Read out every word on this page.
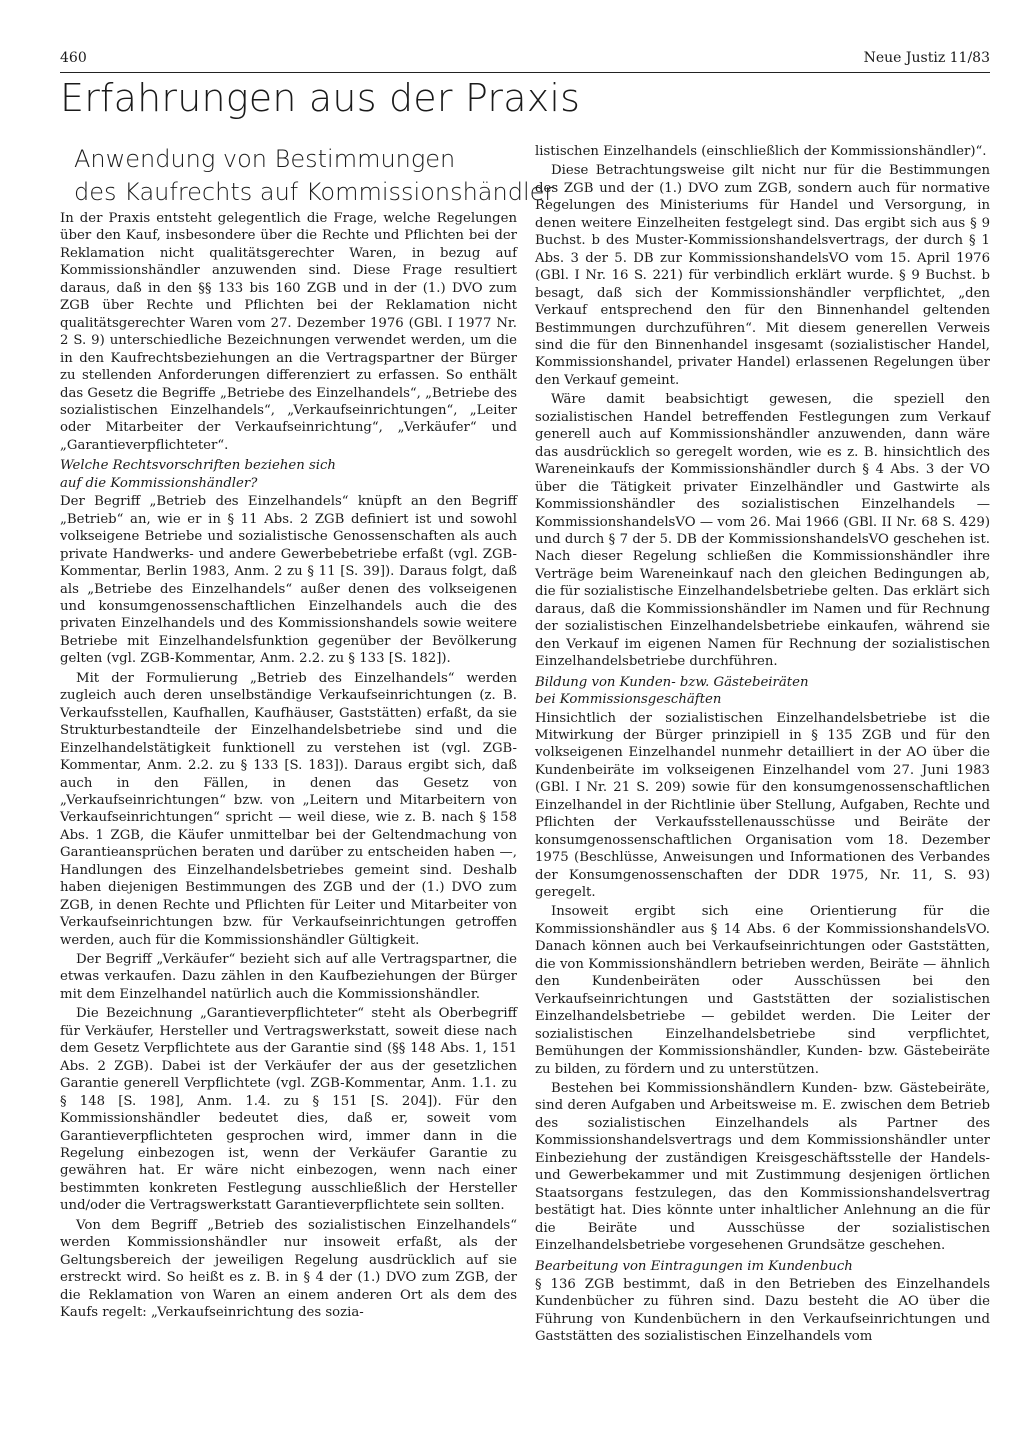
460	Neue Justiz 11/83
Erfahrungen aus der Praxis
Anwendung von Bestimmungen
des Kaufrechts auf Kommissionshändler

In der Praxis entsteht gelegentlich die Frage, welche Regelungen über den Kauf, insbesondere über die Rechte und Pflichten bei der Reklamation nicht qualitätsgerechter Waren, in bezug auf Kommissionshändler anzuwenden sind. Diese Frage resultiert daraus, daß in den §§ 133 bis 160 ZGB und in der (1.) DVO zum ZGB über Rechte und Pflichten bei der Reklamation nicht qualitätsgerechter Waren vom 27. Dezember 1976 (GBl. I 1977 Nr. 2 S. 9) unterschiedliche Bezeichnungen verwendet werden, um die in den Kaufrechtsbeziehungen an die Vertragspartner der Bürger zu stellenden Anforderungen differenziert zu erfassen. So enthält das Gesetz die Begriffe „Betriebe des Einzelhandels“, „Betriebe des sozialistischen Einzelhandels“, „Verkaufseinrichtungen“, „Leiter oder Mitarbeiter der Verkaufseinrichtung“, „Verkäufer“ und „Garantieverpflichteter“.

Welche Rechtsvorschriften beziehen sich
auf die Kommissionshändler?

Der Begriff „Betrieb des Einzelhandels“ knüpft an den Begriff „Betrieb“ an, wie er in § 11 Abs. 2 ZGB definiert ist und sowohl volkseigene Betriebe und sozialistische Genossenschaften als auch private Handwerks- und andere Gewerbebetriebe erfaßt (vgl. ZGB-Kommentar, Berlin 1983, Anm. 2 zu § 11 [S. 39]). Daraus folgt, daß als „Betriebe des Einzelhandels“ außer denen des volkseigenen und konsumgenossenschaftlichen Einzelhandels auch die des privaten Einzelhandels und des Kommissionshandels sowie weitere Betriebe mit Einzelhandelsfunktion gegenüber der Bevölkerung gelten (vgl. ZGB-Kommentar, Anm. 2.2. zu § 133 [S. 182]).

Mit der Formulierung „Betrieb des Einzelhandels“ werden zugleich auch deren unselbständige Verkaufseinrichtungen (z. B. Verkaufsstellen, Kaufhallen, Kaufhäuser, Gaststätten) erfaßt, da sie Strukturbestandteile der Einzelhandelsbetriebe sind und die Einzelhandelstätigkeit funktionell zu verstehen ist (vgl. ZGB-Kommentar, Anm. 2.2. zu § 133 [S. 183]). Daraus ergibt sich, daß auch in den Fällen, in denen das Gesetz von „Verkaufseinrichtungen“ bzw. von „Leitern und Mitarbeitern von Verkaufseinrichtungen“ spricht — weil diese, wie z. B. nach § 158 Abs. 1 ZGB, die Käufer unmittelbar bei der Geltendmachung von Garantieansprüchen beraten und darüber zu entscheiden haben —, Handlungen des Einzelhandelsbetriebes gemeint sind. Deshalb haben diejenigen Bestimmungen des ZGB und der (1.) DVO zum ZGB, in denen Rechte und Pflichten für Leiter und Mitarbeiter von Verkaufseinrichtungen bzw. für Verkaufseinrichtungen getroffen werden, auch für die Kommissionshändler Gültigkeit.

Der Begriff „Verkäufer“ bezieht sich auf alle Vertragspartner, die etwas verkaufen. Dazu zählen in den Kaufbeziehungen der Bürger mit dem Einzelhandel natürlich auch die Kommissionshändler.

Die Bezeichnung „Garantieverpflichteter“ steht als Oberbegriff für Verkäufer, Hersteller und Vertragswerkstatt, soweit diese nach dem Gesetz Verpflichtete aus der Garantie sind (§§ 148 Abs. 1, 151 Abs. 2 ZGB). Dabei ist der Verkäufer der aus der gesetzlichen Garantie generell Verpflichtete (vgl. ZGB-Kommentar, Anm. 1.1. zu § 148 [S. 198], Anm. 1.4. zu § 151 [S. 204]). Für den Kommissionshändler bedeutet dies, daß er, soweit vom Garantieverpflichteten gesprochen wird, immer dann in die Regelung einbezogen ist, wenn der Verkäufer Garantie zu gewähren hat. Er wäre nicht einbezogen, wenn nach einer bestimmten konkreten Festlegung ausschließlich der Hersteller und/oder die Vertragswerkstatt Garantieverpflichtete sein sollten.

Von dem Begriff „Betrieb des sozialistischen Einzelhandels“ werden Kommissionshändler nur insoweit erfaßt, als der Geltungsbereich der jeweiligen Regelung ausdrücklich auf sie erstreckt wird. So heißt es z. B. in § 4 der (1.) DVO zum ZGB, der die Reklamation von Waren an einem anderen Ort als dem des Kaufs regelt: „Verkaufseinrichtung des sozia-

listischen Einzelhandels (einschließlich der Kommissionshändler)“.

Diese Betrachtungsweise gilt nicht nur für die Bestimmungen des ZGB und der (1.) DVO zum ZGB, sondern auch für normative Regelungen des Ministeriums für Handel und Versorgung, in denen weitere Einzelheiten festgelegt sind. Das ergibt sich aus § 9 Buchst. b des Muster-Kommissionshandelsvertrags, der durch § 1 Abs. 3 der 5. DB zur KommissionshandelsVO vom 15. April 1976 (GBl. I Nr. 16 S. 221) für verbindlich erklärt wurde. § 9 Buchst. b besagt, daß sich der Kommissionshändler verpflichtet, „den Verkauf entsprechend den für den Binnenhandel geltenden Bestimmungen durchzuführen“. Mit diesem generellen Verweis sind die für den Binnenhandel insgesamt (sozialistischer Handel, Kommissionshandel, privater Handel) erlassenen Regelungen über den Verkauf gemeint.

Wäre damit beabsichtigt gewesen, die speziell den sozialistischen Handel betreffenden Festlegungen zum Verkauf generell auch auf Kommissionshändler anzuwenden, dann wäre das ausdrücklich so geregelt worden, wie es z. B. hinsichtlich des Wareneinkaufs der Kommissionshändler durch § 4 Abs. 3 der VO über die Tätigkeit privater Einzelhändler und Gastwirte als Kommissionshändler des sozialistischen Einzelhandels — KommissionshandelsVO — vom 26. Mai 1966 (GBl. II Nr. 68 S. 429) und durch § 7 der 5. DB der KommissionshandelsVO geschehen ist. Nach dieser Regelung schließen die Kommissionshändler ihre Verträge beim Wareneinkauf nach den gleichen Bedingungen ab, die für sozialistische Einzelhandelsbetriebe gelten. Das erklärt sich daraus, daß die Kommissionshändler im Namen und für Rechnung der sozialistischen Einzelhandelsbetriebe einkaufen, während sie den Verkauf im eigenen Namen für Rechnung der sozialistischen Einzelhandelsbetriebe durchführen.

Bildung von Kunden- bzw. Gästebeiräten
bei Kommissionsgeschäften

Hinsichtlich der sozialistischen Einzelhandelsbetriebe ist die Mitwirkung der Bürger prinzipiell in § 135 ZGB und für den volkseigenen Einzelhandel nunmehr detailliert in der AO über die Kundenbeiräte im volkseigenen Einzelhandel vom 27. Juni 1983 (GBl. I Nr. 21 S. 209) sowie für den konsumgenossenschaftlichen Einzelhandel in der Richtlinie über Stellung, Aufgaben, Rechte und Pflichten der Verkaufsstellenausschüsse und Beiräte der konsumgenossenschaftlichen Organisation vom 18. Dezember 1975 (Beschlüsse, Anweisungen und Informationen des Verbandes der Konsumgenossenschaften der DDR 1975, Nr. 11, S. 93) geregelt.

Insoweit ergibt sich eine Orientierung für die Kommissionshändler aus § 14 Abs. 6 der KommissionshandelsVO. Danach können auch bei Verkaufseinrichtungen oder Gaststätten, die von Kommissionshändlern betrieben werden, Beiräte — ähnlich den Kundenbeiräten oder Ausschüssen bei den Verkaufseinrichtungen und Gaststätten der sozialistischen Einzelhandelsbetriebe — gebildet werden. Die Leiter der sozialistischen Einzelhandelsbetriebe sind verpflichtet, Bemühungen der Kommissionshändler, Kunden- bzw. Gästebeiräte zu bilden, zu fördern und zu unterstützen.

Bestehen bei Kommissionshändlern Kunden- bzw. Gästebeiräte, sind deren Aufgaben und Arbeitsweise m. E. zwischen dem Betrieb des sozialistischen Einzelhandels als Partner des Kommissionshandelsvertrags und dem Kommissionshändler unter Einbeziehung der zuständigen Kreisgeschäftsstelle der Handels- und Gewerbekammer und mit Zustimmung desjenigen örtlichen Staatsorgans festzulegen, das den Kommissionshandelsvertrag bestätigt hat. Dies könnte unter inhaltlicher Anlehnung an die für die Beiräte und Ausschüsse der sozialistischen Einzelhandelsbetriebe vorgesehenen Grundsätze geschehen.

Bearbeitung von Eintragungen im Kundenbuch

§ 136 ZGB bestimmt, daß in den Betrieben des Einzelhandels Kundenbücher zu führen sind. Dazu besteht die AO über die Führung von Kundenbüchern in den Verkaufseinrichtungen und Gaststätten des sozialistischen Einzelhandels vom
